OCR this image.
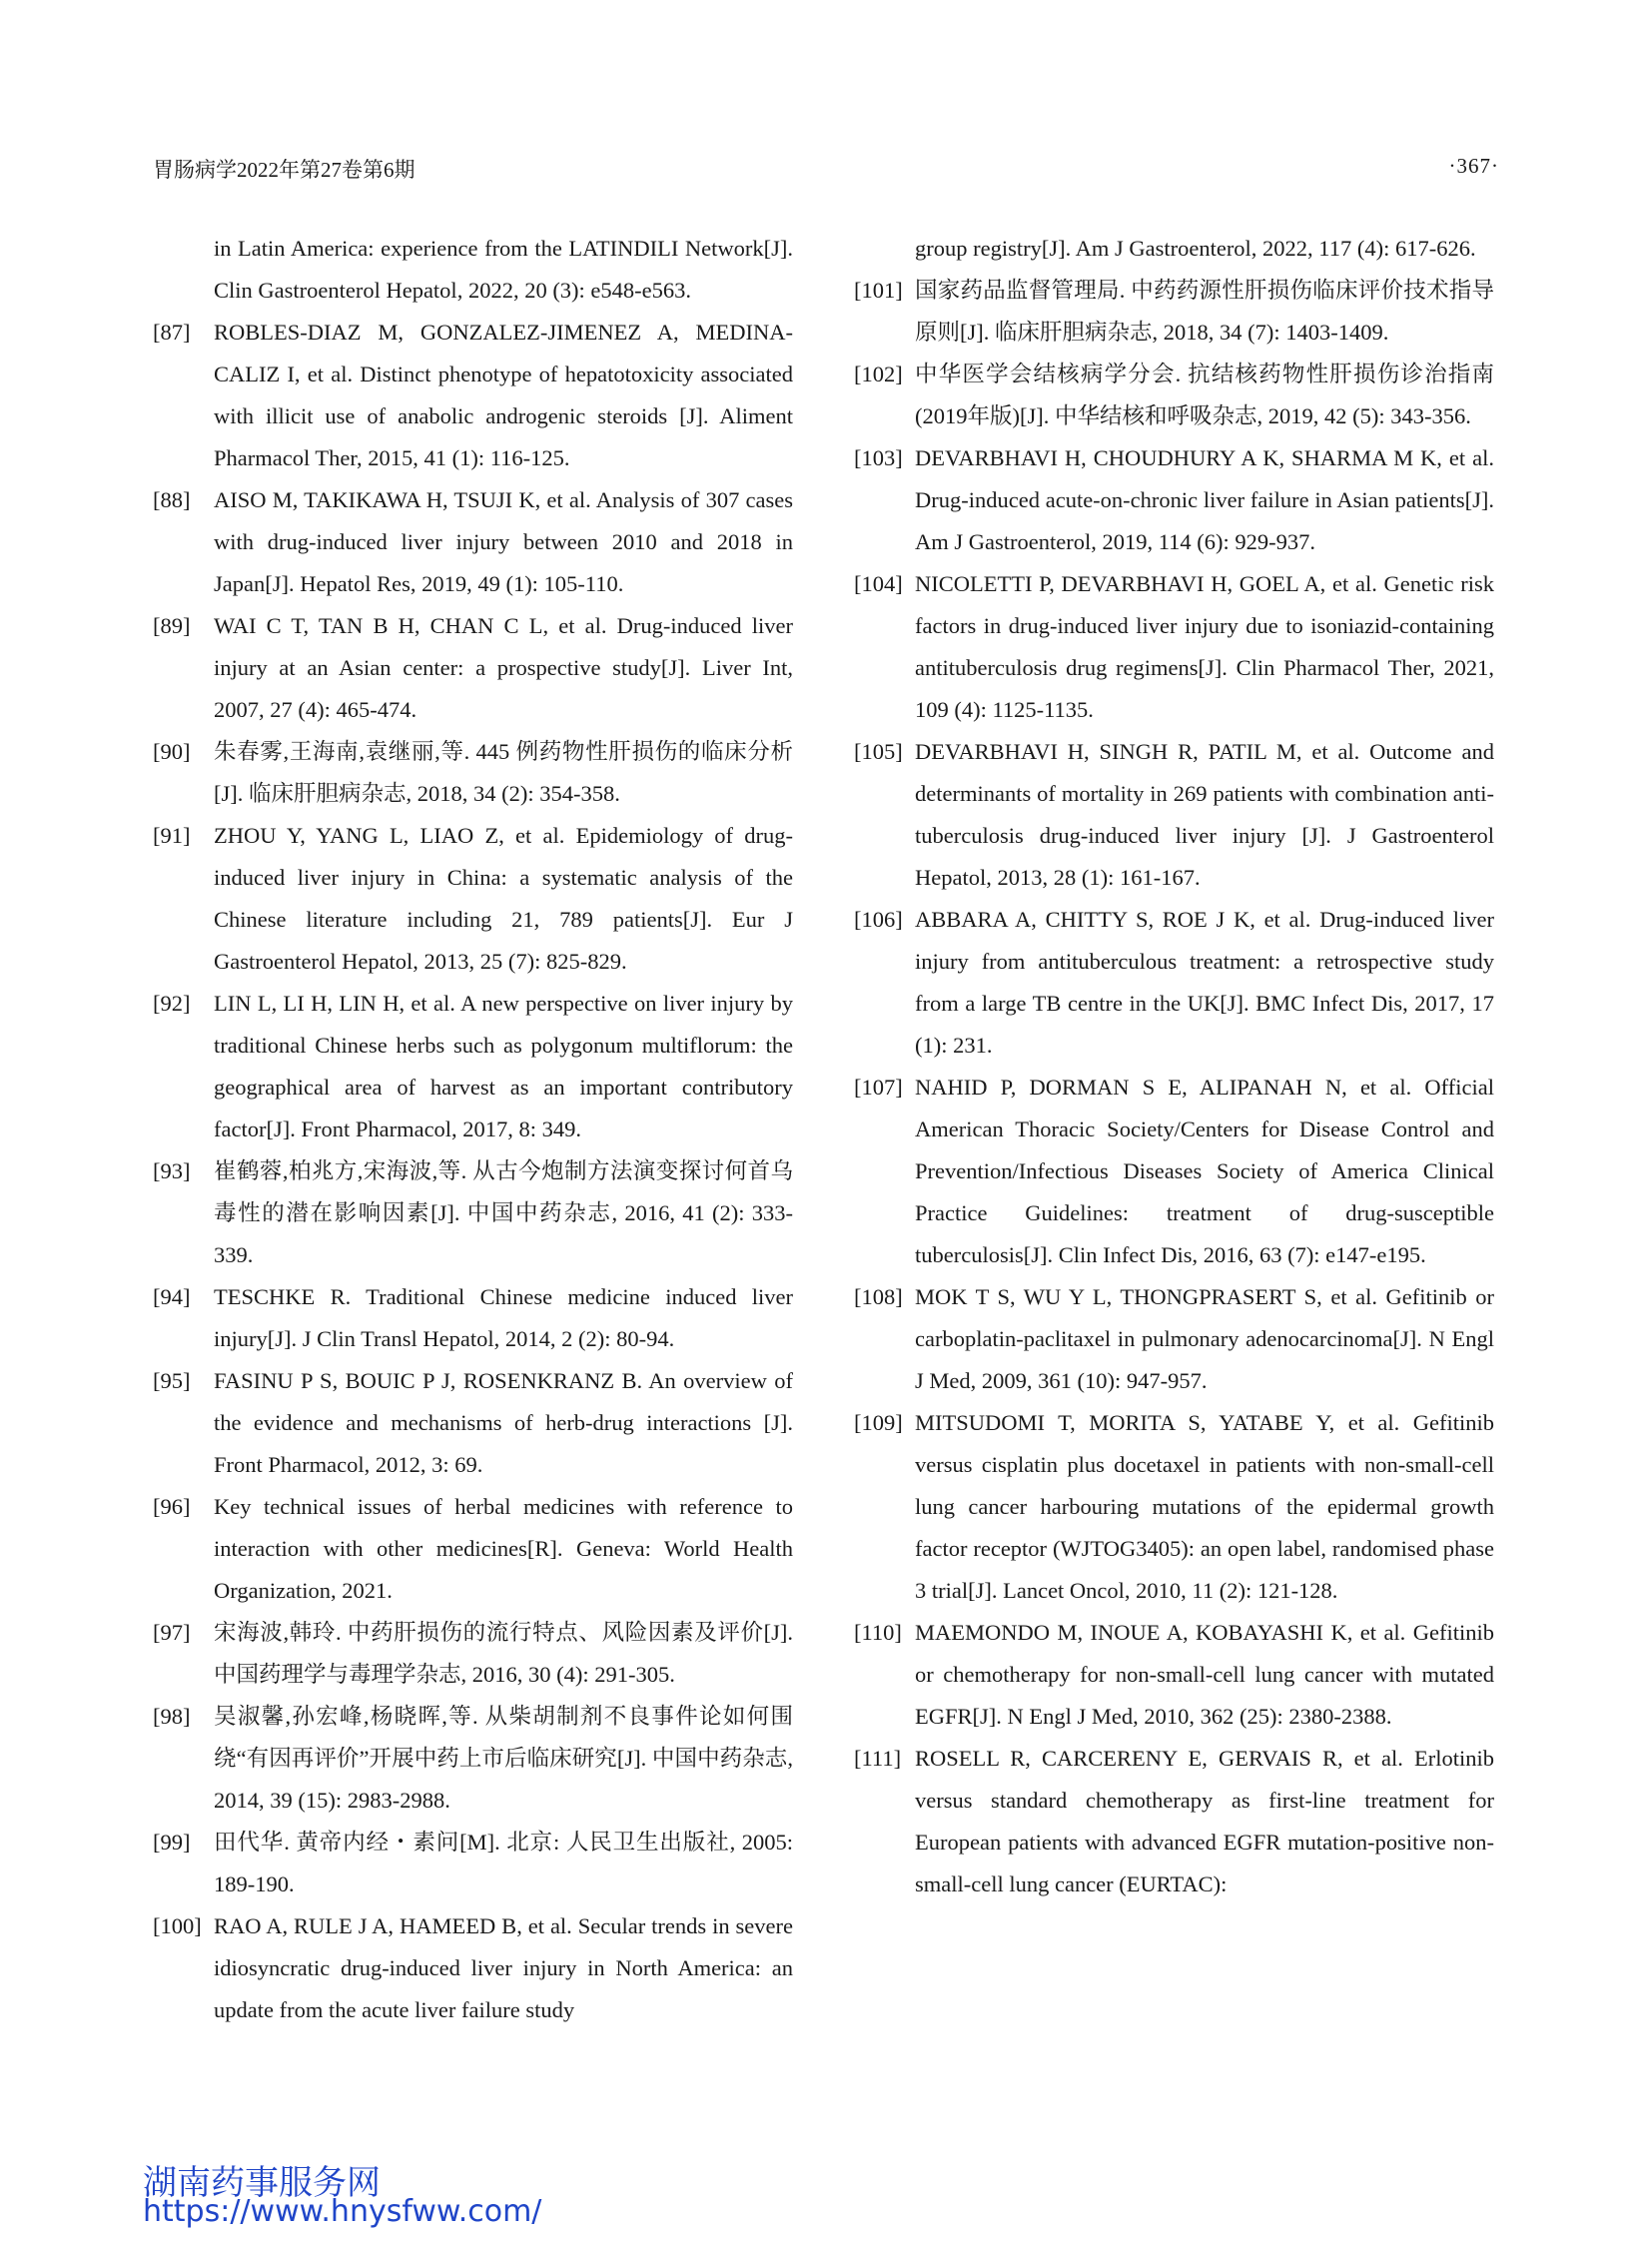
胃肠病学2022年第27卷第6期	·367·
in Latin America: experience from the LATINDILI Network[J]. Clin Gastroenterol Hepatol, 2022, 20 (3): e548-e563.
[87] ROBLES-DIAZ M, GONZALEZ-JIMENEZ A, MEDINA-CALIZ I, et al. Distinct phenotype of hepatotoxicity associated with illicit use of anabolic androgenic steroids [J]. Aliment Pharmacol Ther, 2015, 41 (1): 116-125.
[88] AISO M, TAKIKAWA H, TSUJI K, et al. Analysis of 307 cases with drug-induced liver injury between 2010 and 2018 in Japan[J]. Hepatol Res, 2019, 49 (1): 105-110.
[89] WAI C T, TAN B H, CHAN C L, et al. Drug-induced liver injury at an Asian center: a prospective study[J]. Liver Int, 2007, 27 (4): 465-474.
[90] 朱春雾,王海南,袁继丽,等. 445 例药物性肝损伤的临床分析[J]. 临床肝胆病杂志, 2018, 34 (2): 354-358.
[91] ZHOU Y, YANG L, LIAO Z, et al. Epidemiology of drug-induced liver injury in China: a systematic analysis of the Chinese literature including 21, 789 patients[J]. Eur J Gastroenterol Hepatol, 2013, 25 (7): 825-829.
[92] LIN L, LI H, LIN H, et al. A new perspective on liver injury by traditional Chinese herbs such as polygonum multiflorum: the geographical area of harvest as an important contributory factor[J]. Front Pharmacol, 2017, 8: 349.
[93] 崔鹤蓉,柏兆方,宋海波,等. 从古今炮制方法演变探讨何首乌毒性的潜在影响因素[J]. 中国中药杂志, 2016, 41 (2): 333-339.
[94] TESCHKE R. Traditional Chinese medicine induced liver injury[J]. J Clin Transl Hepatol, 2014, 2 (2): 80-94.
[95] FASINU P S, BOUIC P J, ROSENKRANZ B. An overview of the evidence and mechanisms of herb-drug interactions [J]. Front Pharmacol, 2012, 3: 69.
[96] Key technical issues of herbal medicines with reference to interaction with other medicines[R]. Geneva: World Health Organization, 2021.
[97] 宋海波,韩玲. 中药肝损伤的流行特点、风险因素及评价[J]. 中国药理学与毒理学杂志, 2016, 30 (4): 291-305.
[98] 吴淑馨,孙宏峰,杨晓晖,等. 从柴胡制剂不良事件论如何围绕“有因再评价”开展中药上市后临床研究[J]. 中国中药杂志, 2014, 39 (15): 2983-2988.
[99] 田代华. 黄帝内经・素问[M]. 北京: 人民卫生出版社, 2005: 189-190.
[100] RAO A, RULE J A, HAMEED B, et al. Secular trends in severe idiosyncratic drug-induced liver injury in North America: an update from the acute liver failure study
group registry[J]. Am J Gastroenterol, 2022, 117 (4): 617-626.
[101] 国家药品监督管理局. 中药药源性肝损伤临床评价技术指导原则[J]. 临床肝胆病杂志, 2018, 34 (7): 1403-1409.
[102] 中华医学会结核病学分会. 抗结核药物性肝损伤诊治指南(2019年版)[J]. 中华结核和呼吸杂志, 2019, 42 (5): 343-356.
[103] DEVARBHAVI H, CHOUDHURY A K, SHARMA M K, et al. Drug-induced acute-on-chronic liver failure in Asian patients[J]. Am J Gastroenterol, 2019, 114 (6): 929-937.
[104] NICOLETTI P, DEVARBHAVI H, GOEL A, et al. Genetic risk factors in drug-induced liver injury due to isoniazid-containing antituberculosis drug regimens[J]. Clin Pharmacol Ther, 2021, 109 (4): 1125-1135.
[105] DEVARBHAVI H, SINGH R, PATIL M, et al. Outcome and determinants of mortality in 269 patients with combination anti-tuberculosis drug-induced liver injury [J]. J Gastroenterol Hepatol, 2013, 28 (1): 161-167.
[106] ABBARA A, CHITTY S, ROE J K, et al. Drug-induced liver injury from antituberculous treatment: a retrospective study from a large TB centre in the UK[J]. BMC Infect Dis, 2017, 17 (1): 231.
[107] NAHID P, DORMAN S E, ALIPANAH N, et al. Official American Thoracic Society/Centers for Disease Control and Prevention/Infectious Diseases Society of America Clinical Practice Guidelines: treatment of drug-susceptible tuberculosis[J]. Clin Infect Dis, 2016, 63 (7): e147-e195.
[108] MOK T S, WU Y L, THONGPRASERT S, et al. Gefitinib or carboplatin-paclitaxel in pulmonary adenocarcinoma[J]. N Engl J Med, 2009, 361 (10): 947-957.
[109] MITSUDOMI T, MORITA S, YATABE Y, et al. Gefitinib versus cisplatin plus docetaxel in patients with non-small-cell lung cancer harbouring mutations of the epidermal growth factor receptor (WJTOG3405): an open label, randomised phase 3 trial[J]. Lancet Oncol, 2010, 11 (2): 121-128.
[110] MAEMONDO M, INOUE A, KOBAYASHI K, et al. Gefitinib or chemotherapy for non-small-cell lung cancer with mutated EGFR[J]. N Engl J Med, 2010, 362 (25): 2380-2388.
[111] ROSELL R, CARCERENY E, GERVAIS R, et al. Erlotinib versus standard chemotherapy as first-line treatment for European patients with advanced EGFR mutation-positive non-small-cell lung cancer (EURTAC):
湖南药事服务网
https://www.hnysfww.com/
